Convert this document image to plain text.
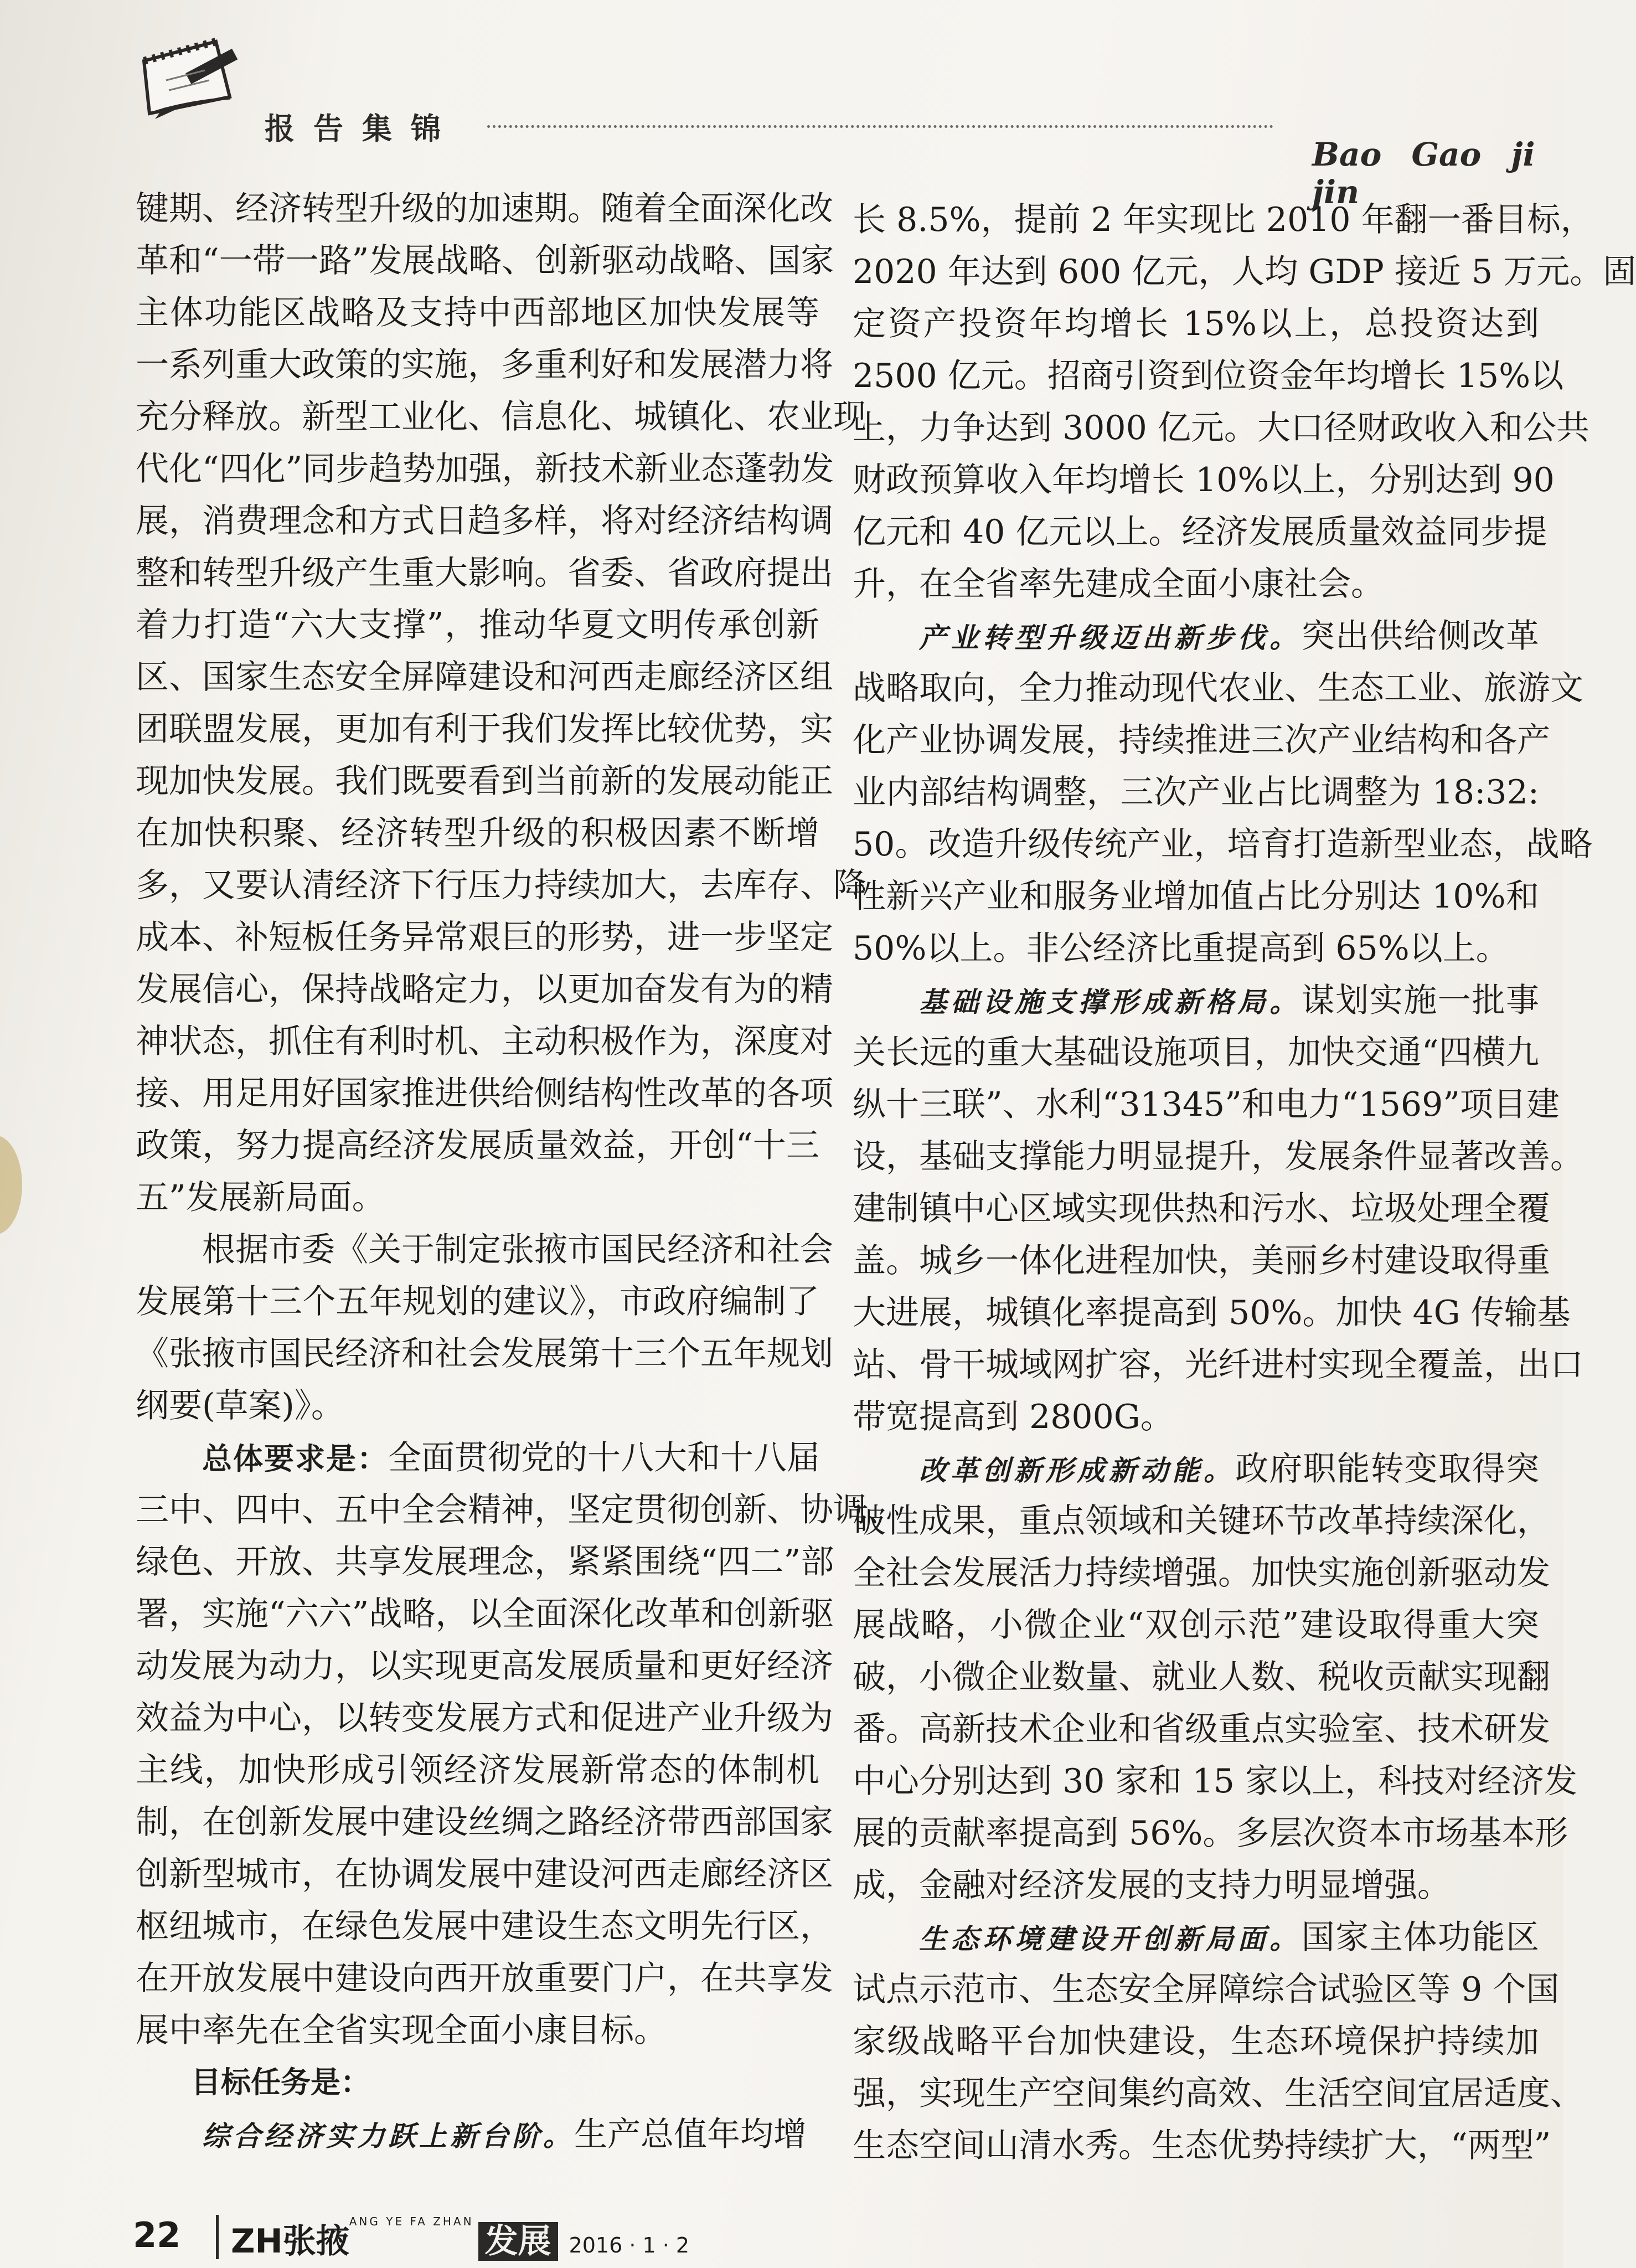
报告集锦
Bao Gao ji jin
键期、经济转型升级的加速期。随着全面深化改
革和“一带一路”发展战略、创新驱动战略、国家
主体功能区战略及支持中西部地区加快发展等
一系列重大政策的实施，多重利好和发展潜力将
充分释放。新型工业化、信息化、城镇化、农业现
代化“四化”同步趋势加强，新技术新业态蓬勃发
展，消费理念和方式日趋多样，将对经济结构调
整和转型升级产生重大影响。省委、省政府提出
着力打造“六大支撑”，推动华夏文明传承创新
区、国家生态安全屏障建设和河西走廊经济区组
团联盟发展，更加有利于我们发挥比较优势，实
现加快发展。我们既要看到当前新的发展动能正
在加快积聚、经济转型升级的积极因素不断增
多，又要认清经济下行压力持续加大，去库存、降
成本、补短板任务异常艰巨的形势，进一步坚定
发展信心，保持战略定力，以更加奋发有为的精
神状态，抓住有利时机、主动积极作为，深度对
接、用足用好国家推进供给侧结构性改革的各项
政策，努力提高经济发展质量效益，开创“十三
五”发展新局面。
根据市委《关于制定张掖市国民经济和社会
发展第十三个五年规划的建议》，市政府编制了
《张掖市国民经济和社会发展第十三个五年规划
纲要(草案)》。
总体要求是：全面贯彻党的十八大和十八届
三中、四中、五中全会精神，坚定贯彻创新、协调、
绿色、开放、共享发展理念，紧紧围绕“四二”部
署，实施“六六”战略，以全面深化改革和创新驱
动发展为动力，以实现更高发展质量和更好经济
效益为中心，以转变发展方式和促进产业升级为
主线，加快形成引领经济发展新常态的体制机
制，在创新发展中建设丝绸之路经济带西部国家
创新型城市，在协调发展中建设河西走廊经济区
枢纽城市，在绿色发展中建设生态文明先行区，
在开放发展中建设向西开放重要门户，在共享发
展中率先在全省实现全面小康目标。
目标任务是：
综合经济实力跃上新台阶。生产总值年均增
长 8.5%，提前 2 年实现比 2010 年翻一番目标，
2020 年达到 600 亿元，人均 GDP 接近 5 万元。固
定资产投资年均增长 15%以上，总投资达到
2500 亿元。招商引资到位资金年均增长 15%以
上，力争达到 3000 亿元。大口径财政收入和公共
财政预算收入年均增长 10%以上，分别达到 90
亿元和 40 亿元以上。经济发展质量效益同步提
升，在全省率先建成全面小康社会。
产业转型升级迈出新步伐。突出供给侧改革
战略取向，全力推动现代农业、生态工业、旅游文
化产业协调发展，持续推进三次产业结构和各产
业内部结构调整，三次产业占比调整为 18:32:
50。改造升级传统产业，培育打造新型业态，战略
性新兴产业和服务业增加值占比分别达 10%和
50%以上。非公经济比重提高到 65%以上。
基础设施支撑形成新格局。谋划实施一批事
关长远的重大基础设施项目，加快交通“四横九
纵十三联”、水利“31345”和电力“1569”项目建
设，基础支撑能力明显提升，发展条件显著改善。
建制镇中心区域实现供热和污水、垃圾处理全覆
盖。城乡一体化进程加快，美丽乡村建设取得重
大进展，城镇化率提高到 50%。加快 4G 传输基
站、骨干城域网扩容，光纤进村实现全覆盖，出口
带宽提高到 2800G。
改革创新形成新动能。政府职能转变取得突
破性成果，重点领域和关键环节改革持续深化，
全社会发展活力持续增强。加快实施创新驱动发
展战略，小微企业“双创示范”建设取得重大突
破，小微企业数量、就业人数、税收贡献实现翻
番。高新技术企业和省级重点实验室、技术研发
中心分别达到 30 家和 15 家以上，科技对经济发
展的贡献率提高到 56%。多层次资本市场基本形
成，金融对经济发展的支持力明显增强。
生态环境建设开创新局面。国家主体功能区
试点示范市、生态安全屏障综合试验区等 9 个国
家级战略平台加快建设，生态环境保护持续加
强，实现生产空间集约高效、生活空间宜居适度、
生态空间山清水秀。生态优势持续扩大，“两型”
22	ZH张掖$^{ANG YE FA ZHAN}$发展 2016 · 1 · 2
